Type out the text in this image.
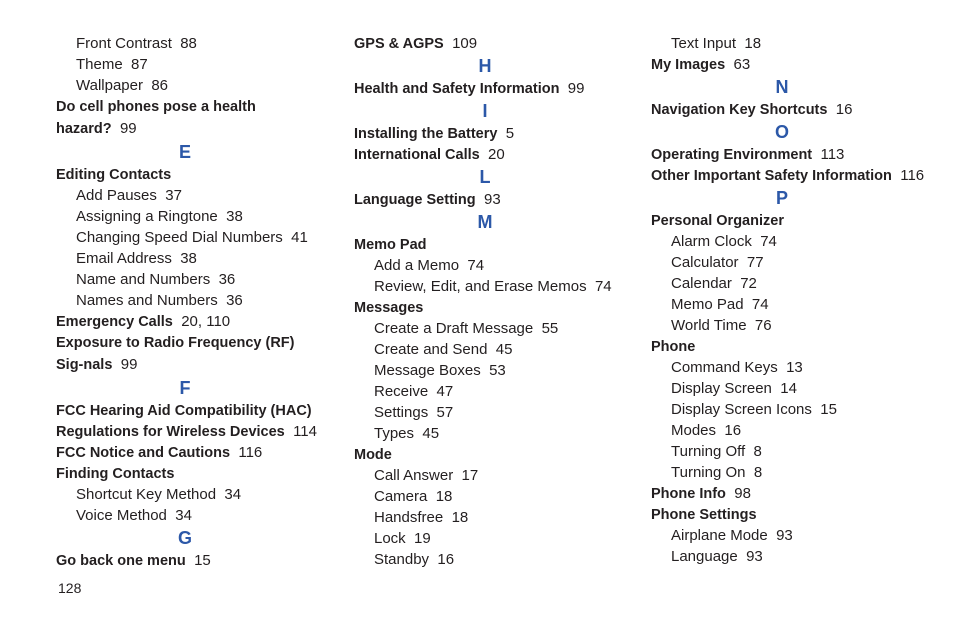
Front Contrast 88
Theme 87
Wallpaper 86
Do cell phones pose a health hazard? 99
E
Editing Contacts
Add Pauses 37
Assigning a Ringtone 38
Changing Speed Dial Numbers 41
Email Address 38
Name and Numbers 36
Names and Numbers 36
Emergency Calls 20, 110
Exposure to Radio Frequency (RF) Sig-nals 99
F
FCC Hearing Aid Compatibility (HAC)
Regulations for Wireless Devices 114
FCC Notice and Cautions 116
Finding Contacts
Shortcut Key Method 34
Voice Method 34
G
Go back one menu 15
GPS & AGPS 109
H
Health and Safety Information 99
I
Installing the Battery 5
International Calls 20
L
Language Setting 93
M
Memo Pad
Add a Memo 74
Review, Edit, and Erase Memos 74
Messages
Create a Draft Message 55
Create and Send 45
Message Boxes 53
Receive 47
Settings 57
Types 45
Mode
Call Answer 17
Camera 18
Handsfree 18
Lock 19
Standby 16
Text Input 18
My Images 63
N
Navigation Key Shortcuts 16
O
Operating Environment 113
Other Important Safety Information 116
P
Personal Organizer
Alarm Clock 74
Calculator 77
Calendar 72
Memo Pad 74
World Time 76
Phone
Command Keys 13
Display Screen 14
Display Screen Icons 15
Modes 16
Turning Off 8
Turning On 8
Phone Info 98
Phone Settings
Airplane Mode 93
Language 93
128
